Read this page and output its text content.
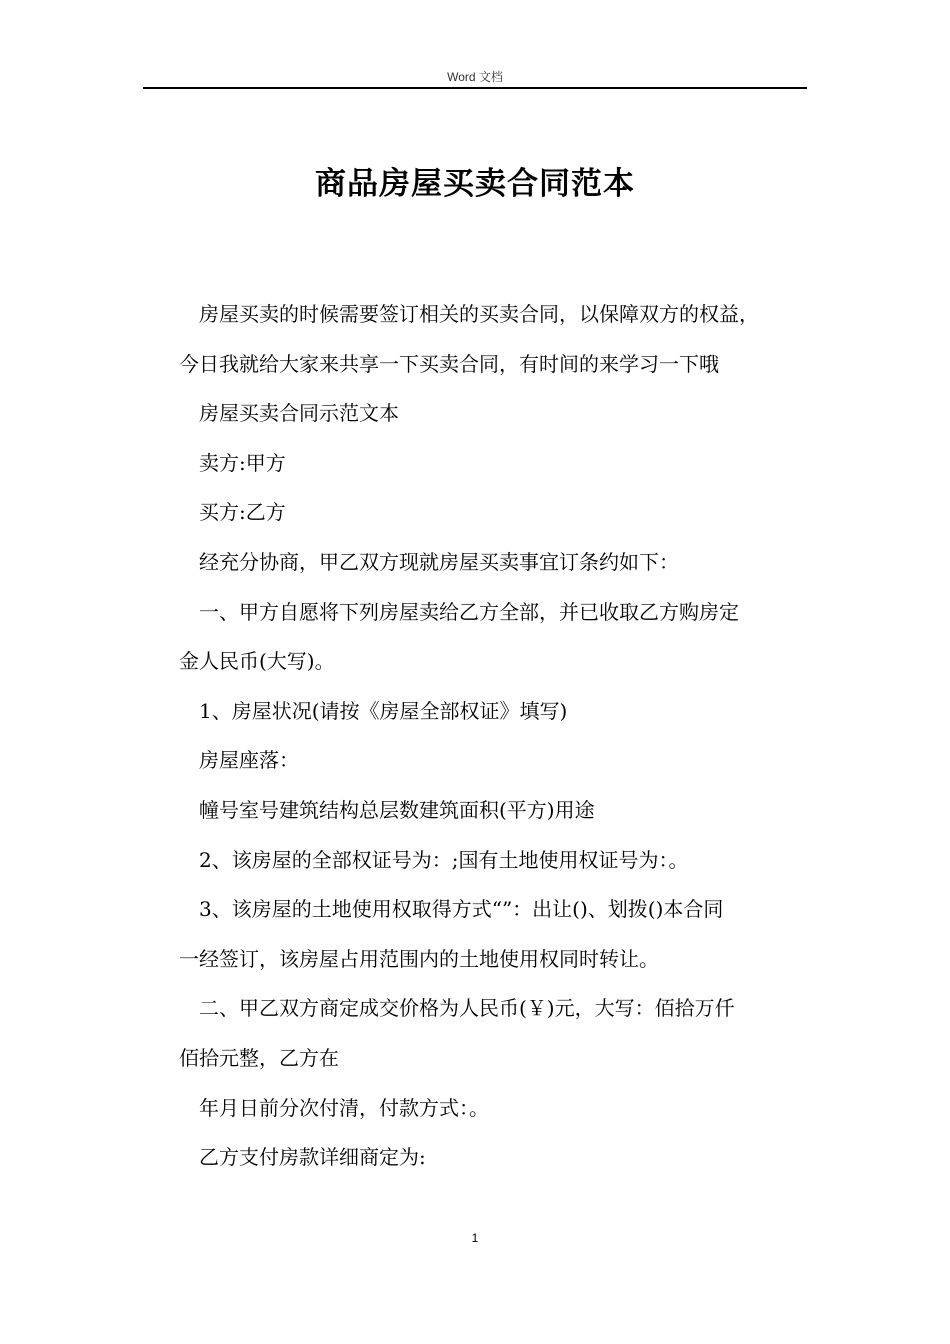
Word 文档
商品房屋买卖合同范本

房屋买卖的时候需要签订相关的买卖合同，以保障双方的权益，

今日我就给大家来共享一下买卖合同，有时间的来学习一下哦

房屋买卖合同示范文本

卖方:甲方

买方:乙方

经充分协商，甲乙双方现就房屋买卖事宜订条约如下：

一、甲方自愿将下列房屋卖给乙方全部，并已收取乙方购房定

金人民币(大写)。

1、房屋状况(请按《房屋全部权证》填写)

房屋座落：

幢号室号建筑结构总层数建筑面积(平方)用途

2、该房屋的全部权证号为：;国有土地使用权证号为：。

3、该房屋的土地使用权取得方式“”：出让()、划拨()本合同

一经签订，该房屋占用范围内的土地使用权同时转让。

二、甲乙双方商定成交价格为人民币(￥)元，大写：佰拾万仟

佰拾元整，乙方在

年月日前分次付清，付款方式：。

乙方支付房款详细商定为:

1
